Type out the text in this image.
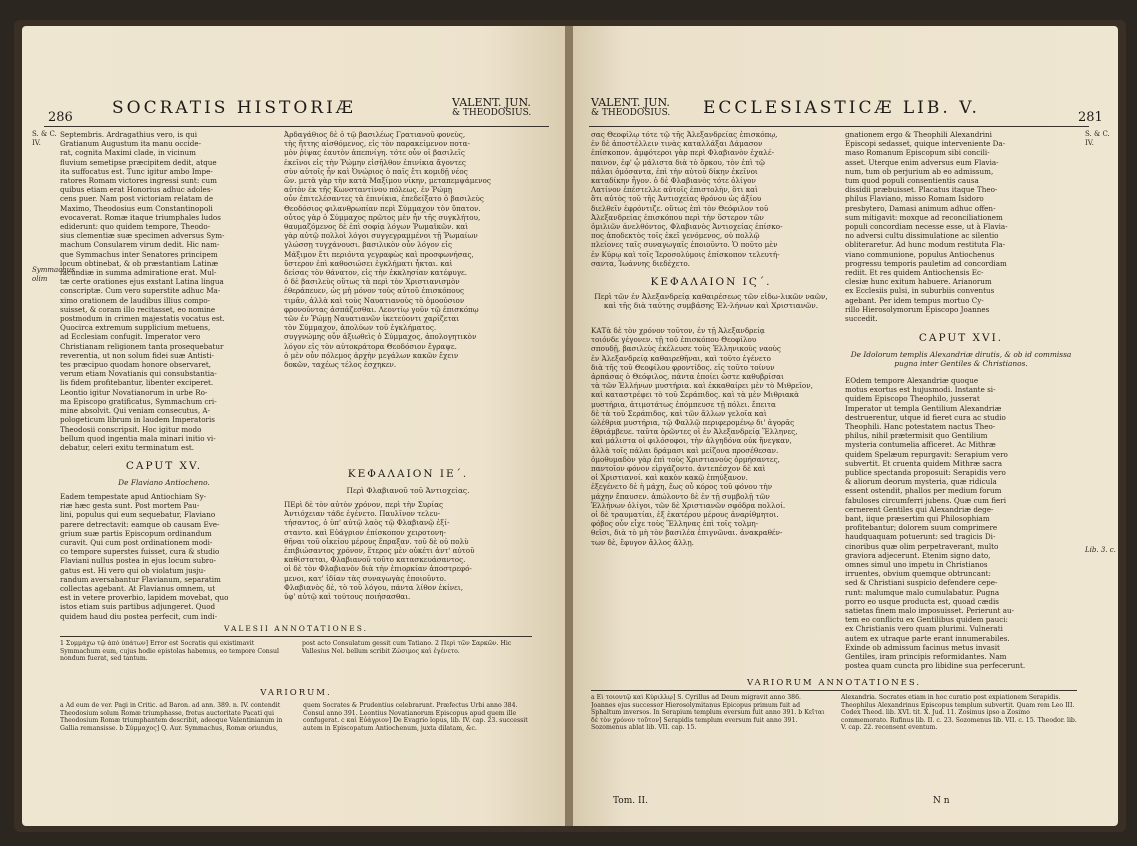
286 SOCRATIS HISTORIÆ	VALENT. JUN.
& THEODOSIUS.
S. & C.
IV.
Symmachus
olim
Septembris. Ardragathius vero, is qui
Gratianum Augustum ita manu occide-
rat, cognita Maximi clade, in vicinum
fluvium semetipse præcipitem dedit, atque
ita suffocatus est. Tunc igitur ambo Impe-
ratores Romam victores ingressi sunt: cum
quibus etiam erat Honorius adhuc adoles-
cens puer. Nam post victoriam relatam de
Maximo, Theodosius eum Constantinopoli
evocaverat. Romæ itaque triumphales ludos
ediderunt: quo quidem tempore, Theodo-
sius clementiæ suæ specimen adversus Sym-
machum Consularem virum dedit. Hic nam-
que Symmachus inter Senatores principem
locum obtinebat, & ob præstantiam Latinæ
facundiæ in summa admiratione erat. Mul-
tæ certe orationes ejus exstant Latina lingua
conscriptæ. Cum vero superstite adhuc Ma-
ximo orationem de laudibus illius compo-
suisset, & coram illo recitasset, eo nomine
postmodum in crimen majestatis vocatus est.
Quocirca extremum supplicium metuens,
ad Ecclesiam confugit. Imperator vero
Christianam religionem tanta prosequebatur
reverentia, ut non solum fidei suæ Antisti-
tes præcipuo quodam honore observaret,
verum etiam Novatianis qui consubstantia-
lis fidem profitebantur, libenter exciperet.
Leontio igitur Novatianorum in urbe Ro-
ma Episcopo gratificatus, Symmachum cri-
mine absolvit. Qui veniam consecutus, A-
pologeticum librum in laudem Imperatoris
Theodosii conscripsit. Hoc igitur modo
bellum quod ingentia mala minari initio vi-
debatur, celeri exitu terminatum est.
Ἀρδαγάθιος δὲ ὁ τῷ βασιλέως Γρατιανοῦ φονεὺς,
τὴς ἥττης αἰσθόμενος, εἰς τὸν παρακείμενον ποτα-
μὸν ῥίψας ἑαυτὸν ἀπεπνίγη. τότε οὖν οἱ βασιλεῖς
ἐκεῖνοι εἰς τὴν Ῥώμην εἰσῆλθον ἐπινίκια ἄγοντες
σὺν αὐτοῖς ἦν καὶ Ὀνώριος ὁ παῖς ἔτι κομιδῇ νέος
ὢν. μετὰ γὰρ τὴν κατὰ Μαξίμου νίκην, μεταπεμψάμενος
αὐτὸν ἐκ τῆς Κωνσταντίνου πόλεως. ἐν Ῥώμῃ
οὖν ἐπιτελέσαντες τὰ ἐπινίκια, ἐπεδείξατο ὁ βασιλεὺς
Θεοδόσιος φιλανθρωπίαν περὶ Σύμμαχον τὸν ὕπατον.
οὗτος γὰρ ὁ Σύμμαχος πρῶτος μὲν ἦν τῆς συγκλήτου,
θαυμαζόμενος δὲ ἐπὶ σοφίᾳ λόγων Ῥωμαϊκῶν. καὶ
γὰρ αὐτῷ πολλοὶ λόγοι συγγεγραμμένοι τῇ Ῥωμαίων
γλώσσῃ τυγχάνουσι. βασιλικὸν οὖν λόγον εἰς
Μάξιμον ἔτι περιόντα γεγραφὼς καὶ προσφωνήσας,
ὕστερον ἐπὶ καθοσιώσει ἐγκλήματι ἦκται. καὶ
δείσας τὸν θάνατον, εἰς τὴν ἐκκλησίαν κατέφυγε.
ὁ δὲ βασιλεὺς οὕτως τὰ περὶ τὸν Χριστιανισμὸν
ἐθεράπευεν, ὡς μὴ μόνον τοὺς αὐτοῦ ἐπισκόπους
τιμᾶν, ἀλλὰ καὶ τοὺς Ναυατιανοὺς τὸ ὁμοούσιον
φρονοῦντας ἀσπάζεσθαι. Λεοντίῳ γοῦν τῷ ἐπισκόπῳ
τῶν ἐν Ῥώμῃ Ναυατιανῶν ἱκετεύοντι χαρίζεται
τὸν Σύμμαχον, ἀπολύων τοῦ ἐγκλήματος.
συγγνώμης οὖν ἀξιωθεὶς ὁ Σύμμαχος, ἀπολογητικὸν
λόγον εἰς τὸν αὐτοκράτορα Θεοδόσιον ἔγραψε.
ὁ μὲν οὖν πόλεμος ἀρχὴν μεγάλων κακῶν ἔχειν
δοκῶν, ταχέως τέλος ἐσχηκεν.
CAPUT XV.
De Flaviano Antiocheno.
Eadem tempestate apud Antiochiam Sy-
riæ hæc gesta sunt. Post mortem Pau-
lini, populus qui eum sequebatur, Flaviano
parere detrectavit: eamque ob causam Eve-
grium suæ partis Episcopum ordinandum
curavit. Qui cum post ordinationem modi-
co tempore superstes fuisset, cura & studio
Flaviani nullus postea in ejus locum subro-
gatus est. Hi vero qui ob violatum jusju-
randum aversabantur Flavianum, separatim
collectas agebant. At Flavianus omnem, ut
est in vetere proverbio, lapidem movebat, quo
istos etiam suis partibus adjungeret. Quod
quidem haud diu postea perfecit, cum indi-
ΚΕΦΑΛΑΙΟΝ ΙΕ΄.
Περὶ Φλαβιανοῦ τοῦ Ἀντιοχείας.
ΠΕρὶ δὲ τὸν αὐτὸν χρόνον, περὶ τὴν Συρίας
Ἀντιόχειαν τάδε ἐγένετο. Παυλῖνον τελευ-
τήσαντος, ὁ ὑπ' αὐτῷ λαὸς τῷ Φλαβιανῷ ἐξί-
σταντο. καὶ Εὐάγριον ἐπίσκοπον χειροτονη-
θῆναι τοῦ οἰκείου μέρους ἔπραξαν. τοῦ δὲ οὐ πολὺ
ἐπιβιώσαντος χρόνον, ἕτερος μὲν οὐκέτι ἀντ' αὐτοῦ
καθίσταται, Φλαβιανοῦ τοῦτο κατασκευάσαντος.
οἱ δὲ τὸν Φλαβιανὸν διὰ τὴν ἐπιορκίαν ἀποστρεφό-
μενοι, κατ' ἰδίαν τὰς συναγωγὰς ἐποιοῦντο.
Φλαβιανὸς δὲ, τὸ τοῦ λόγου, πάντα λίθον ἐκίνει,
ὑφ' αὐτῷ καὶ τούτους ποιήσασθαι.
VALESII ANNOTATIONES.
1 Συμμάχω τῷ ἀπὸ ὑπάτων] Error est Socratis qui existimavit Symmachum eum, cujus hodie epistolas habemus, eo tempore Consul nondum fuerat, sed tantum.
post acto Consulatum gessit cum Tatiano. 2 Περὶ τῶν Σαρκῶν. Hic Vallesius Nel. bellum scribit Ζώσιμος καὶ ἐγένετο.
VARIORUM.
a Ad eum de ver. Pagi in Critic. ad Baron. ad ann. 389. n. IV. contendit Theodosium solum Romæ triumphasse, fretus auctoritate Pacati qui Theodosium Romæ triumphantem describit, adeoque Valentinianum in Gallia remansisse. b Σύμμαχος] Q. Aur. Symmachus, Romæ oriundus, quem Socrates & Prudentius celebrarunt. Præfectus Urbi anno 384. Consul anno 391. Leontius Novatianorum Episcopus apud quem ille confugerat. c καὶ Εὐάγριον] De Evagrio lopus, lib. IV. cap. 23. successit autem in Episcopatum Antiochenum, juxta dilatam, &c.
VALENT. JUN.
& THEODOSIUS. ECCLESIASTICÆ LIB. V.	281
S. & C.
IV.
Lib. 3. c.
σας Θεοφίλῳ τότε τῷ τῆς Ἀλεξανδρείας ἐπισκόπῳ,
ἐν δὲ ἀποστέλλειν τινὰς καταλλάξαι Δάμασον
ἐπίσκοπον. ἀμφότεροι γὰρ περὶ Φλαβιανὸν ἐχαλέ-
παινον, ἐφ' ᾧ μάλιστα διὰ τὸ ὅρκου, τὸν ἐπὶ τῷ
πάλαι ὀμόσαντα, ἐπὶ τὴν αὐτοῦ δίκην ἐκεῖνοι
καταδίκην ἦγον. ὁ δὲ Φλαβιανὸς τότε ὀλίγον
Λατίνον ἐπέστελλε αὐτοῖς ἐπιστολὴν, ὅτι καὶ
ὅτι αὐτὸς τοῦ τῆς Ἀντιοχείας θρόνου ὡς ἀξίου
διελθεῖν ἐφρόντιζε. οὕτως ἐπὶ τὸν Θεόφιλον τοῦ
Ἀλεξανδρείας ἐπισκόπου περὶ τὴν ὕστερον τῶν
ὁμιλιῶν ἀνελθόντος, Φλαβιανὸς Ἀντιοχείας ἐπίσκο-
πος ἀποδεκτὸς τοῖς ἐκεῖ γενόμενος, οὐ πολλῷ
πλείονες ταῖς συναγωγαῖς ἐποιοῦντο. Ὁ ποῦτο μὲν
ἐν Κύρῳ καὶ τοῖς Ἱεροσολύμοις ἐπίσκοπον τελευτή-
σαντα, Ἰωάννης διεδέχετο.
ΚΕΦΑΛΑΙΟΝ ΙϚ΄.
Περὶ τῶν ἐν Ἀλεξανδρείᾳ καθαιρέσεως τῶν εἰδω-λικῶν ναῶν, καὶ τῆς διὰ ταύτης συμβάσης Ἑλ-λήνων καὶ Χριστιανῶν.
ΚΑΤὰ δὲ τὸν χρόνον τοῦτον, ἐν τῇ Ἀλεξανδρείᾳ
τοιόνδε γέγονεν. τῇ τοῦ ἐπισκόπου Θεοφίλου
σπουδῇ, βασιλεὺς ἐκέλευσε τοὺς Ἑλληνικοὺς ναοὺς
ἐν Ἀλεξανδρείᾳ καθαιρεθῆναι, καὶ τοῦτο ἐγένετο
διὰ τῆς τοῦ Θεοφίλου φροντίδος. εἰς τοῦτο τοίνυν
ἁρπάσας ὁ Θεόφιλος, πάντα ἐποίει ὥστε καθυβρίσαι
τὰ τῶν Ἑλλήνων μυστήρια. καὶ ἐκκαθαίρει μὲν τὸ Μιθρεῖον,
καὶ καταστρέφει τὸ τοῦ Σεράπιδος. καὶ τὰ μὲν Μιθριακὰ
μυστήρια, ἀτιμοτάτως ἐπόμπευσε τῇ πόλει. ἔπειτα
δὲ τὰ τοῦ Σεράπιδος, καὶ τῶν ἄλλων γελοῖα καὶ
ὠλέθρια μυστήρια, τῷ Φαλλῷ περιφερομένῳ δι' ἀγορᾶς
ἐθριάμβευε. ταῦτα ὁρῶντες οἱ ἐν Ἀλεξανδρείᾳ Ἕλληνες,
καὶ μάλιστα οἱ φιλόσοφοι, τὴν ἀλγηδόνα οὐκ ἤνεγκαν,
ἀλλὰ τοῖς πάλαι δράμασι καὶ μείζονα προσέθεσαν.
ὁμοθυμαδὸν γὰρ ἐπὶ τοὺς Χριστιανοὺς ὁρμήσαντες,
παντοῖον φόνον εἰργάζοντο. ἀντεπέσχον δὲ καὶ
οἱ Χριστιανοί. καὶ κακὸν κακῷ ἐπηύξανον.
ἐξεγένετο δὲ ἡ μάχη, ἕως οὗ κόρος τοῦ φόνου τὴν
μάχην ἔπαυσεν. ἀπώλοντο δὲ ἐν τῇ συμβολῇ τῶν
Ἑλλήνων ὀλίγοι, τῶν δὲ Χριστιανῶν σφόδρα πολλοί.
οἱ δὲ τραυματίαι, ἐξ ἑκατέρου μέρους ἀναρίθμητοι.
φόβος οὖν εἶχε τοὺς Ἕλληνας ἐπὶ τοῖς τολμη-
θεῖσι, διὰ τὸ μὴ τὸν βασιλέα ἐπιγνῶναι. ἀνακραθέν-
των δὲ, ἔφυγον ἄλλος ἄλλῃ.
gnationem ergo & Theophili Alexandrini
Episcopi sedasset, quique interveniente Da-
maso Romanum Episcopum sibi concili-
asset. Uterque enim adversus eum Flavia-
num, tum ob perjurium ab eo admissum,
tum quod populi consentientis causa
dissidii præbuisset. Placatus itaque Theo-
philus Flaviano, misso Romam Isidoro
presbytero, Damasi animum adhuc offen-
sum mitigavit: moxque ad reconciliationem
populi concordiam necesse esse, ut à Flavia-
no adversi cultu dissimulatione ac silentio
obliteraretur. Ad hunc modum restituta Fla-
viano communione, populus Antiochenus
progressu temporis pauletim ad concordiam
rediit. Et res quidem Antiochensis Ec-
clesiæ hunc exitum habuere. Arianorum
ex Ecclesiis pulsi, in suburbiis conventus
agebant. Per idem tempus mortuo Cy-
rillo Hierosolymorum Episcopo Joannes
succedit.
CAPUT XVI.
De Idolorum templis Alexandriæ dirutis, & ob id commissa pugna inter Gentiles & Christianos.
EOdem tempore Alexandriæ quoque
motus exortus est hujusmodi. Instante si-
quidem Episcopo Theophilo, jusserat
Imperator ut templa Gentilium Alexandriæ
destruerentur, utque id fieret cura ac studio
Theophili. Hanc potestatem nactus Theo-
philus, nihil prætermisit quo Gentilium
mysteria contumelia afficeret. Ac Mithræ
quidem Spelæum repurgavit: Serapium vero
subvertit. Et cruenta quidem Mithræ sacra
publice spectanda proposuit: Serapidis vero
& aliorum deorum mysteria, quæ ridicula
essent ostendit, phallos per medium forum
fabuloses circumferri jubens. Quæ cum fieri
cernerent Gentiles qui Alexandriæ dege-
bant, iique præsertim qui Philosophiam
profitebantur; dolorem suum comprimere
haudquaquam potuerunt: sed tragicis Di-
cinoribus quæ olim perpetraverant, multo
graviora adjecerunt. Etenim signo dato,
omnes simul uno impetu in Christianos
irruentes, obvium quemque obtruncant:
sed & Christiani suspicio defendere cepe-
runt: malumque malo cumulabatur. Pugna
porro eo usque producta est, quoad cædis
satietas finem malo imposuisset. Perierunt au-
tem eo conflictu ex Gentilibus quidem pauci:
ex Christianis vero quam plurimi. Vulnerati
autem ex utraque parte erant innumerabiles.
Exinde ob admissum facinus metus invasit
Gentiles, iram principis reformidantes. Nam
postea quam cuncta pro libidine sua perfecerunt.
VARIORUM ANNOTATIONES.
a Εἰ τοιουτῷ καὶ Κύριλλῳ] S. Cyrillus ad Deum migravit anno 386. Joannes ejus successor Hierosolymitanus Epicopus primum fuit ad Sphaltum inversos. In Serapium templum eversum fuit anno 391. b Κεῖται δὲ τὸν χρόνον τοῦτον] Serapidis templum eversum fuit anno 391. Sozomenus ablat lib. VII. cap. 15.
Alexandria. Socrates etiam in hoc curatio post expiationem Serapidis. Theophilus Alexandrinus Episcopus templum subvertit. Quam rem Leo III. Codex Theod. lib. XVI. tit. X. Jud. 11. Zosimus ipso a Zosimo commemorato. Rufinus lib. II. c. 23. Sozomenus lib. VII. c. 15. Theodor. lib. V. cap. 22. recensent eventum.
Tom. II.	N n
